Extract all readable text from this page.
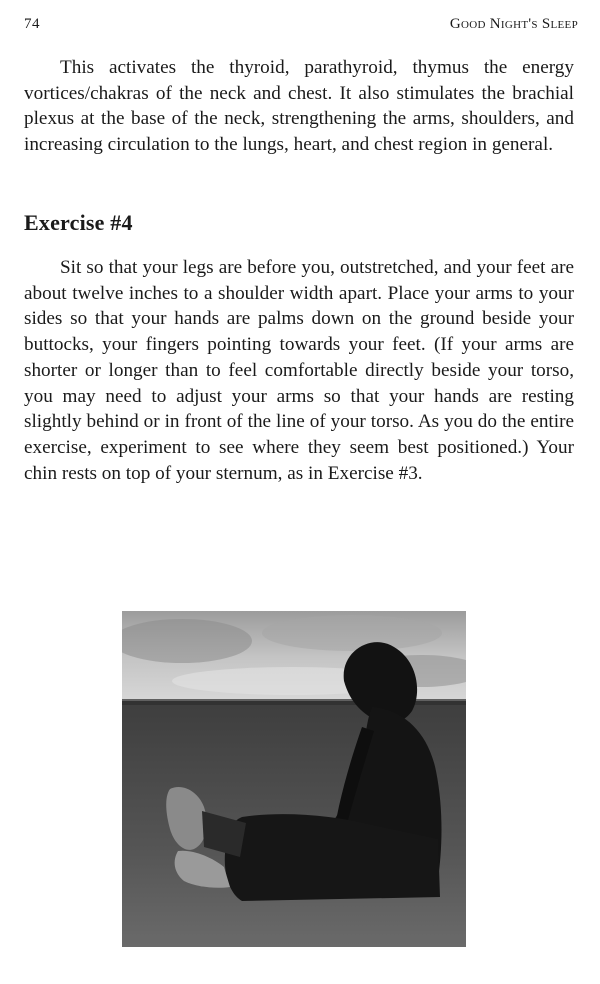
74	Good Night's Sleep

This activates the thyroid, parathyroid, thymus the energy vortices/chakras of the neck and chest. It also stimulates the brachial plexus at the base of the neck, strengthening the arms, shoulders, and increasing circulation to the lungs, heart, and chest region in general.

Exercise #4

Sit so that your legs are before you, outstretched, and your feet are about twelve inches to a shoulder width apart. Place your arms to your sides so that your hands are palms down on the ground beside your buttocks, your fingers pointing towards your feet. (If your arms are shorter or longer than to feel comfortable directly beside your torso, you may need to adjust your arms so that your hands are resting slightly behind or in front of the line of your torso. As you do the entire exercise, experiment to see where they seem best positioned.) Your chin rests on top of your sternum, as in Exercise #3.
